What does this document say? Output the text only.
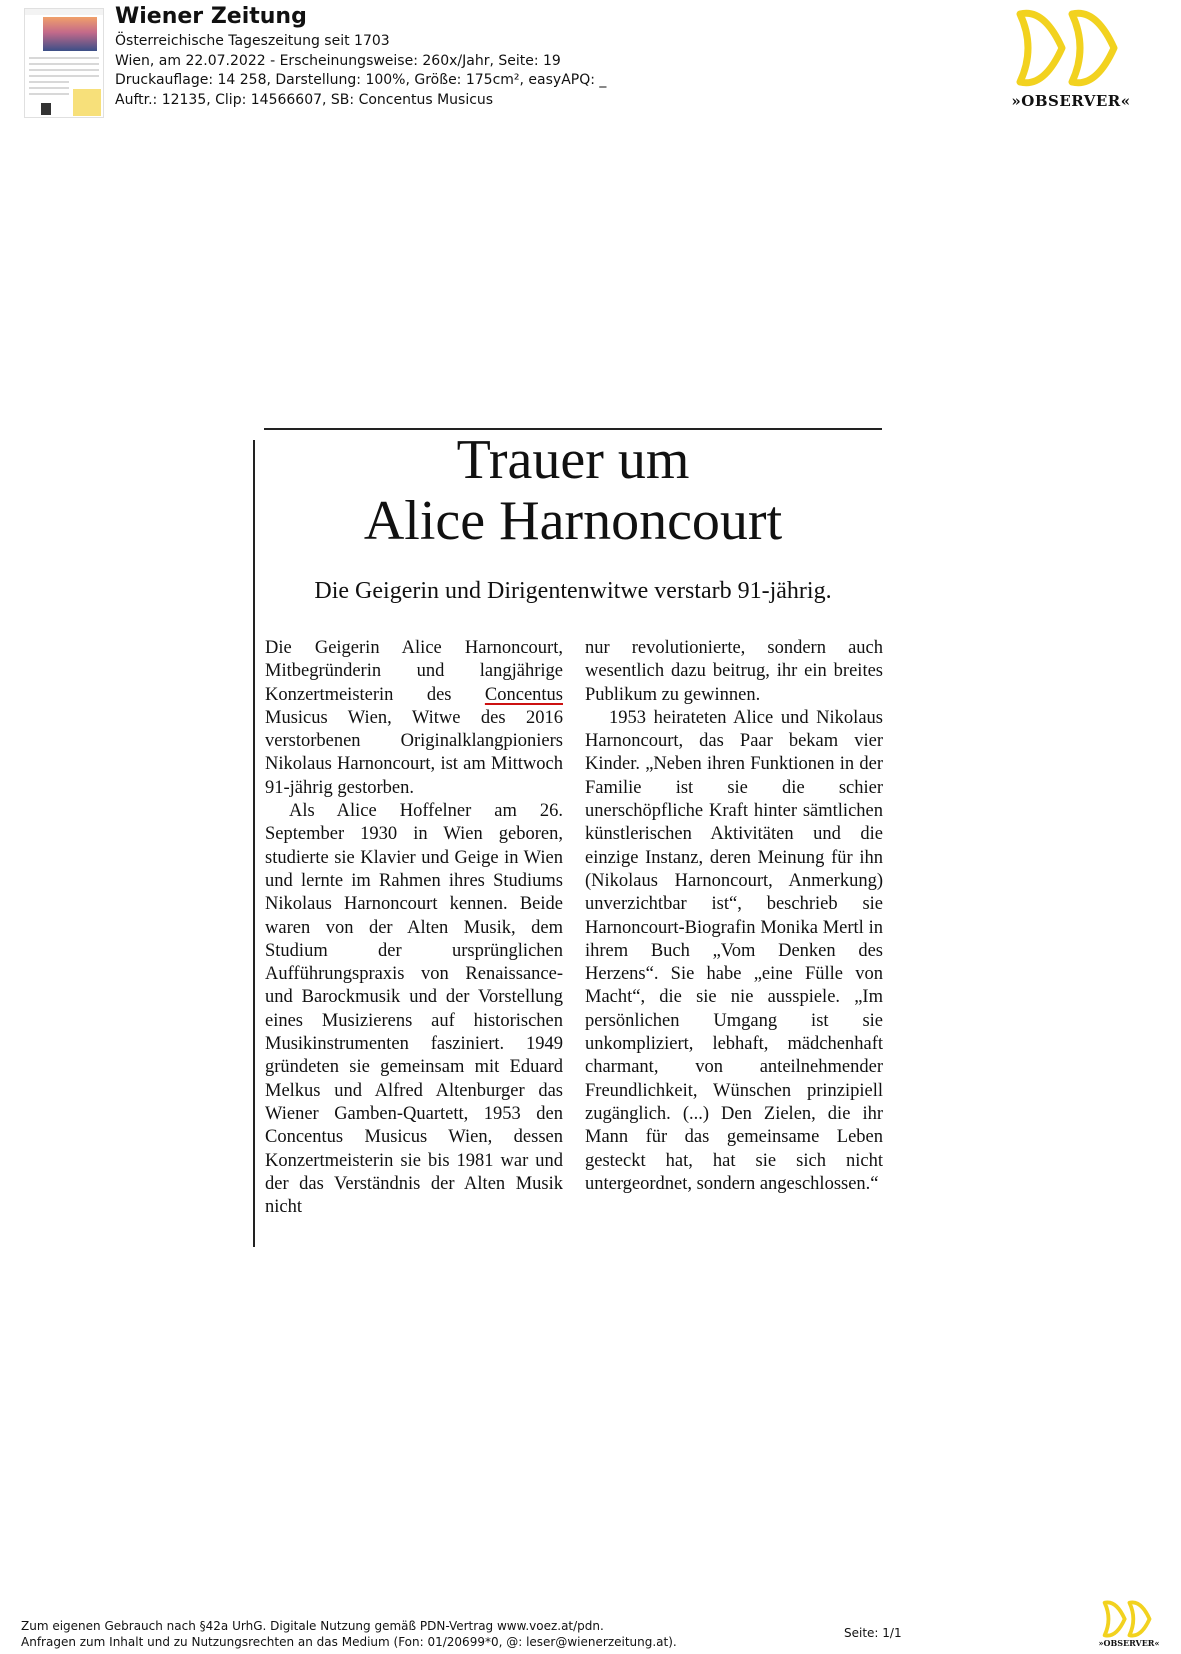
Wiener Zeitung
Österreichische Tageszeitung seit 1703
Wien, am 22.07.2022 - Erscheinungsweise: 260x/Jahr, Seite: 19
Druckauflage: 14 258, Darstellung: 100%, Größe: 175cm², easyAPQ: _
Auftr.: 12135, Clip: 14566607, SB: Concentus Musicus	»OBSERVER«
Trauer um
Alice Harnoncourt
Die Geigerin und Dirigentenwitwe verstarb 91-jährig.

Die Geigerin Alice Harnoncourt, Mitbegründerin und langjährige Konzertmeisterin des Concentus Musicus Wien, Witwe des 2016 verstorbenen Originalklangpioniers Nikolaus Harnoncourt, ist am Mittwoch 91-jährig gestorben.

Als Alice Hoffelner am 26. September 1930 in Wien geboren, studierte sie Klavier und Geige in Wien und lernte im Rahmen ihres Studiums Nikolaus Harnoncourt kennen. Beide waren von der Alten Musik, dem Studium der ursprünglichen Aufführungspraxis von Renaissance- und Barockmusik und der Vorstellung eines Musizierens auf historischen Musikinstrumenten fasziniert. 1949 gründeten sie gemeinsam mit Eduard Melkus und Alfred Altenburger das Wiener Gamben-Quartett, 1953 den Concentus Musicus Wien, dessen Konzertmeisterin sie bis 1981 war und der das Verständnis der Alten Musik nicht

nur revolutionierte, sondern auch wesentlich dazu beitrug, ihr ein breites Publikum zu gewinnen.

1953 heirateten Alice und Nikolaus Harnoncourt, das Paar bekam vier Kinder. „Neben ihren Funktionen in der Familie ist sie die schier unerschöpfliche Kraft hinter sämtlichen künstlerischen Aktivitäten und die einzige Instanz, deren Meinung für ihn (Nikolaus Harnoncourt, Anmerkung) unverzichtbar ist“, beschrieb sie Harnoncourt-Biografin Monika Mertl in ihrem Buch „Vom Denken des Herzens“. Sie habe „eine Fülle von Macht“, die sie nie ausspiele. „Im persönlichen Umgang ist sie unkompliziert, lebhaft, mädchenhaft charmant, von anteilnehmender Freundlichkeit, Wünschen prinzipiell zugänglich. (...) Den Zielen, die ihr Mann für das gemeinsame Leben gesteckt hat, hat sie sich nicht untergeordnet, sondern angeschlossen.“

Zum eigenen Gebrauch nach §42a UrhG. Digitale Nutzung gemäß PDN-Vertrag www.voez.at/pdn.
Anfragen zum Inhalt und zu Nutzungsrechten an das Medium (Fon: 01/20699*0, @: leser@wienerzeitung.at).
Seite: 1/1
»OBSERVER«
